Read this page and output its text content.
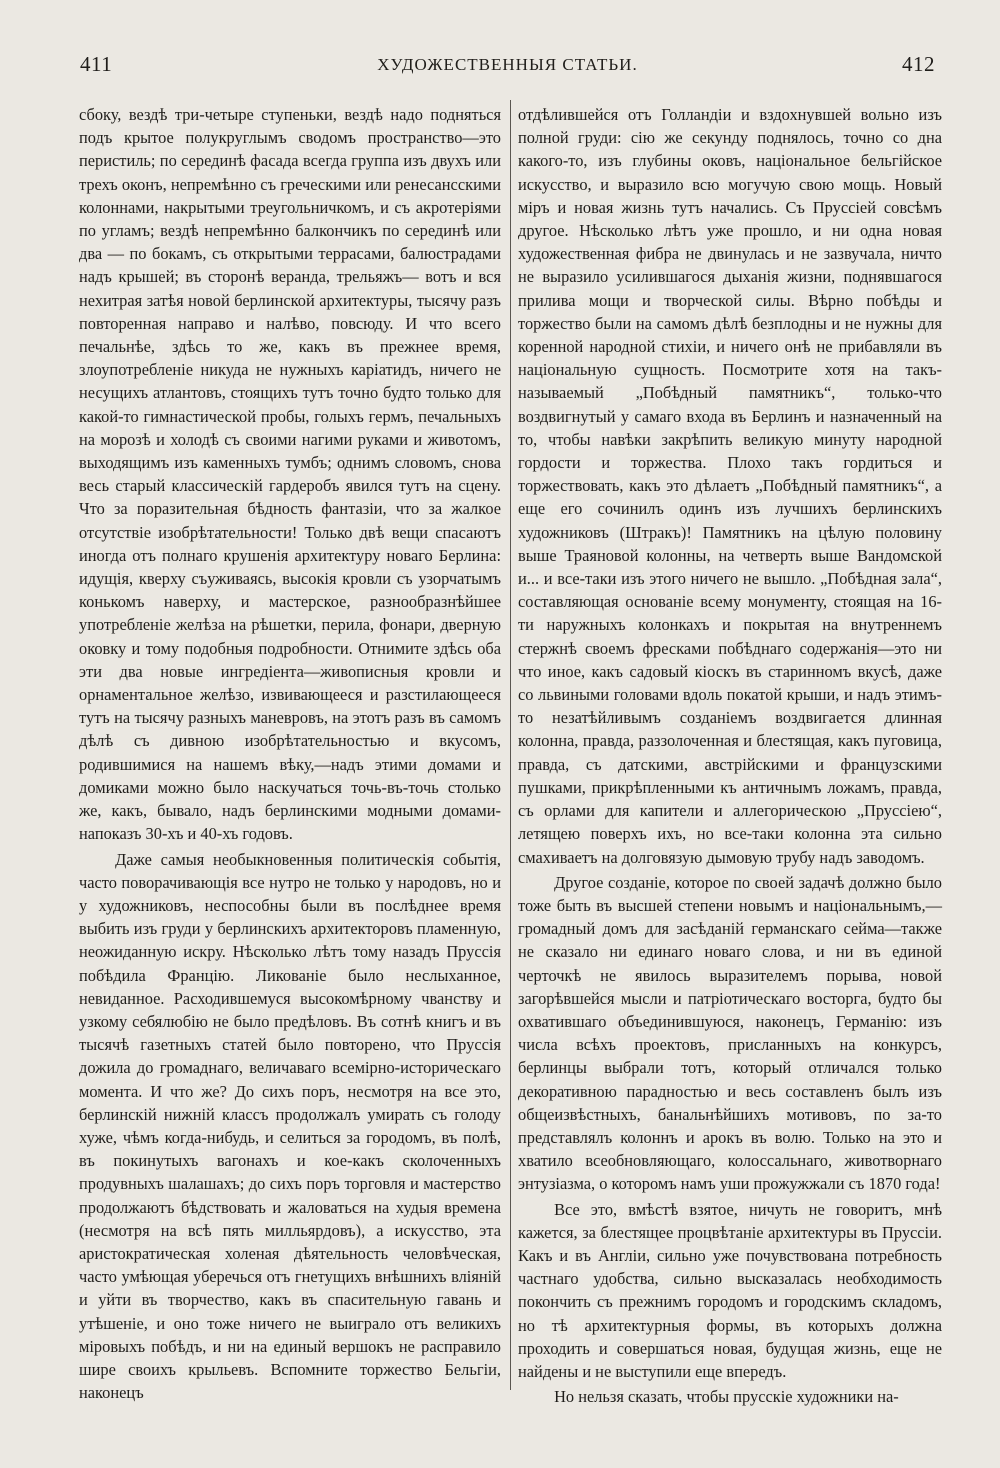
411	ХУДОЖЕСТВЕННЫЯ СТАТЬИ.	412

сбоку, вездѣ три-четыре ступеньки, вездѣ надо подняться подъ крытое полукруглымъ сводомъ пространство—это перистиль; по серединѣ фасада всегда группа изъ двухъ или трехъ оконъ, непремѣнно съ греческими или ренесансскими колоннами, накрытыми треугольничкомъ, и съ акротеріями по угламъ; вездѣ непремѣнно балкончикъ по серединѣ или два — по бокамъ, съ открытыми террасами, балюстрадами надъ крышей; въ сторонѣ веранда, трельяжъ— вотъ и вся нехитрая затѣя новой берлинской архитектуры, тысячу разъ повторенная направо и налѣво, повсюду. И что всего печальнѣе, здѣсь то же, какъ въ прежнее время, злоупотребленіе никуда не нужныхъ каріатидъ, ничего не несущихъ атлантовъ, стоящихъ тутъ точно будто только для какой-то гимнастической пробы, голыхъ гермъ, печальныхъ на морозѣ и холодѣ съ своими нагими руками и животомъ, выходящимъ изъ каменныхъ тумбъ; однимъ словомъ, снова весь старый классическій гардеробъ явился тутъ на сцену. Что за поразительная бѣдность фантазіи, что за жалкое отсутствіе изобрѣтательности! Только двѣ вещи спасаютъ иногда отъ полнаго крушенія архитектуру новаго Берлина: идущія, кверху съуживаясь, высокія кровли съ узорчатымъ конькомъ наверху, и мастерское, разнообразнѣйшее употребленіе желѣза на рѣшетки, перила, фонари, дверную оковку и тому подобныя подробности. Отнимите здѣсь оба эти два новые ингредіента—живописныя кровли и орнаментальное желѣзо, извивающееся и разстилающееся тутъ на тысячу разныхъ маневровъ, на этотъ разъ въ самомъ дѣлѣ съ дивною изобрѣтательностью и вкусомъ, родившимися на нашемъ вѣку,—надъ этими домами и домиками можно было наскучаться точь-въ-точь столько же, какъ, бывало, надъ берлинскими модными домами-напоказъ 30-хъ и 40-хъ годовъ.

Даже самыя необыкновенныя политическія событія, часто поворачивающія все нутро не только у народовъ, но и у художниковъ, неспособны были въ послѣднее время выбить изъ груди у берлинскихъ архитекторовъ пламенную, неожиданную искру. Нѣсколько лѣтъ тому назадъ Пруссія побѣдила Францію. Ликованіе было неслыханное, невиданное. Расходившемуся высокомѣрному чванству и узкому себялюбію не было предѣловъ. Въ сотнѣ книгъ и въ тысячѣ газетныхъ статей было повторено, что Пруссія дожила до громаднаго, величаваго всемірно-историческаго момента. И что же? До сихъ поръ, несмотря на все это, берлинскій нижній классъ продолжалъ умирать съ голоду хуже, чѣмъ когда-нибудь, и селиться за городомъ, въ полѣ, въ покинутыхъ вагонахъ и кое-какъ сколоченныхъ продувныхъ шалашахъ; до сихъ поръ торговля и мастерство продолжаютъ бѣдствовать и жаловаться на худыя времена (несмотря на всѣ пять милльярдовъ), а искусство, эта аристократическая холеная дѣятельность человѣческая, часто умѣющая уберечься отъ гнетущихъ внѣшнихъ вліяній и уйти въ творчество, какъ въ спасительную гавань и утѣшеніе, и оно тоже ничего не выиграло отъ великихъ міровыхъ побѣдъ, и ни на единый вершокъ не расправило шире своихъ крыльевъ. Вспомните торжество Бельгіи, наконецъ

отдѣлившейся отъ Голландіи и вздохнувшей вольно изъ полной груди: сію же секунду поднялось, точно со дна какого-то, изъ глубины оковъ, національное бельгійское искусство, и выразило всю могучую свою мощь. Новый міръ и новая жизнь тутъ начались. Съ Пруссіей совсѣмъ другое. Нѣсколько лѣтъ уже прошло, и ни одна новая художественная фибра не двинулась и не зазвучала, ничто не выразило усилившагося дыханія жизни, поднявшагося прилива мощи и творческой силы. Вѣрно побѣды и торжество были на самомъ дѣлѣ безплодны и не нужны для коренной народной стихіи, и ничего онѣ не прибавляли въ національную сущность. Посмотрите хотя на такъ-называемый „Побѣдный памятникъ“, только-что воздвигнутый у самаго входа въ Берлинъ и назначенный на то, чтобы навѣки закрѣпить великую минуту народной гордости и торжества. Плохо такъ гордиться и торжествовать, какъ это дѣлаетъ „Побѣдный памятникъ“, а еще его сочинилъ одинъ изъ лучшихъ берлинскихъ художниковъ (Штракъ)! Памятникъ на цѣлую половину выше Траяновой колонны, на четверть выше Вандомской и... и все-таки изъ этого ничего не вышло. „Побѣдная зала“, составляющая основаніе всему монументу, стоящая на 16-ти наружныхъ колонкахъ и покрытая на внутреннемъ стержнѣ своемъ фресками побѣднаго содержанія—это ни что иное, какъ садовый кіоскъ въ старинномъ вкусѣ, даже со львиными головами вдоль покатой крыши, и надъ этимъ-то незатѣйливымъ созданіемъ воздвигается длинная колонна, правда, раззолоченная и блестящая, какъ пуговица, правда, съ датскими, австрійскими и французскими пушками, прикрѣпленными къ античнымъ ложамъ, правда, съ орлами для капители и аллегорическою „Пруссіею“, летящею поверхъ ихъ, но все-таки колонна эта сильно смахиваетъ на долговязую дымовую трубу надъ заводомъ.

Другое созданіе, которое по своей задачѣ должно было тоже быть въ высшей степени новымъ и національнымъ,—громадный домъ для засѣданій германскаго сейма—также не сказало ни единаго новаго слова, и ни въ единой черточкѣ не явилось выразителемъ порыва, новой загорѣвшейся мысли и патріотическаго восторга, будто бы охватившаго объединившуюся, наконецъ, Германію: изъ числа всѣхъ проектовъ, присланныхъ на конкурсъ, берлинцы выбрали тотъ, который отличался только декоративною парадностью и весь составленъ былъ изъ общеизвѣстныхъ, банальнѣйшихъ мотивовъ, по за-то представлялъ колоннъ и арокъ въ волю. Только на это и хватило всеобновляющаго, колоссальнаго, животворнаго энтузіазма, о которомъ намъ уши прожужжали съ 1870 года!

Все это, вмѣстѣ взятое, ничуть не говоритъ, мнѣ кажется, за блестящее процвѣтаніе архитектуры въ Пруссіи. Какъ и въ Англіи, сильно уже почувствована потребность частнаго удобства, сильно высказалась необходимость покончить съ прежнимъ городомъ и городскимъ складомъ, но тѣ архитектурныя формы, въ которыхъ должна проходить и совершаться новая, будущая жизнь, еще не найдены и не выступили еще впередъ.

Но нельзя сказать, чтобы прусскіе художники на-
